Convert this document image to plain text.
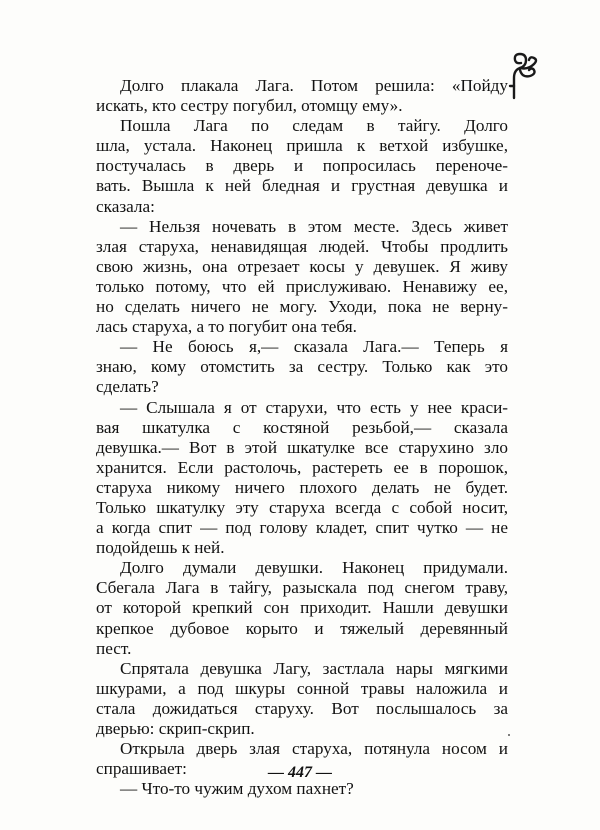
Долго плакала Лага. Потом решила: «Пойду
искать, кто сестру погубил, отомщу ему».
Пошла Лага по следам в тайгу. Долго
шла, устала. Наконец пришла к ветхой избушке,
постучалась в дверь и попросилась переноче-
вать. Вышла к ней бледная и грустная девушка и
сказала:
— Нельзя ночевать в этом месте. Здесь живет
злая старуха, ненавидящая людей. Чтобы продлить
свою жизнь, она отрезает косы у девушек. Я живу
только потому, что ей прислуживаю. Ненавижу ее,
но сделать ничего не могу. Уходи, пока не верну-
лась старуха, а то погубит она тебя.
— Не боюсь я,— сказала Лага.— Теперь я
знаю, кому отомстить за сестру. Только как это
сделать?
— Слышала я от старухи, что есть у нее краси-
вая шкатулка с костяной резьбой,— сказала
девушка.— Вот в этой шкатулке все старухино зло
хранится. Если растолочь, растереть ее в порошок,
старуха никому ничего плохого делать не будет.
Только шкатулку эту старуха всегда с собой носит,
а когда спит — под голову кладет, спит чутко — не
подойдешь к ней.
Долго думали девушки. Наконец придумали.
Сбегала Лага в тайгу, разыскала под снегом траву,
от которой крепкий сон приходит. Нашли девушки
крепкое дубовое корыто и тяжелый деревянный
пест.
Спрятала девушка Лагу, застлала нары мягкими
шкурами, а под шкуры сонной травы наложила и
стала дожидаться старуху. Вот послышалось за
дверью: скрип-скрип.
Открыла дверь злая старуха, потянула носом и
спрашивает:
— Что-то чужим духом пахнет?
— 447 —
